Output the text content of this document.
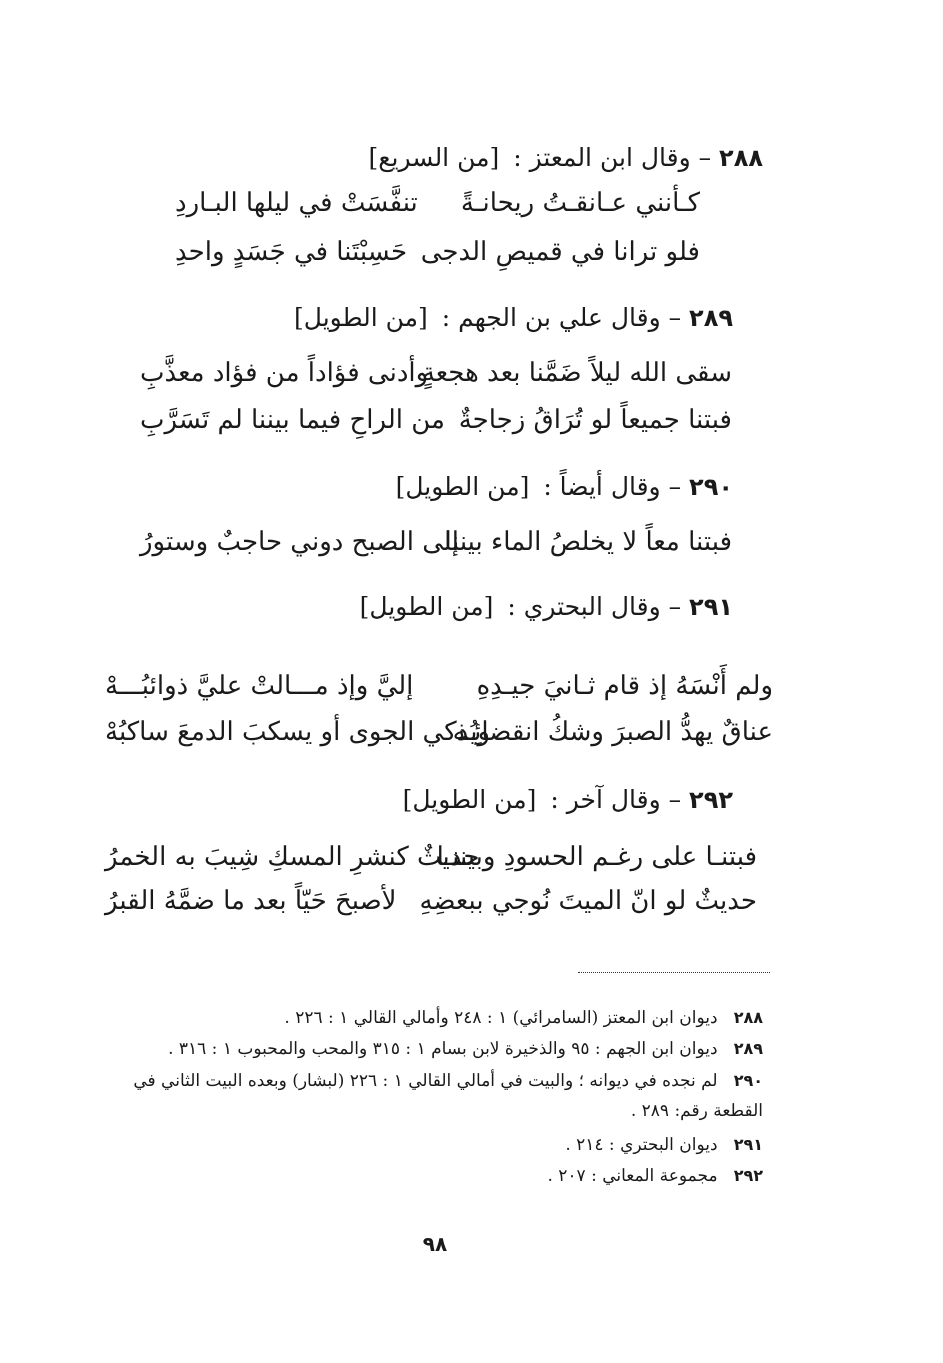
٢٨٨ – وقال ابن المعتز : [من السريع]
كـأنني عـانقـتُ ريحانـةً
تنفَّسَتْ في ليلها البـاردِ
فلو ترانا في قميصِ الدجى
حَسِبْتَنا في جَسَدٍ واحدِ
٢٨٩ – وقال علي بن الجهم : [من الطويل]
سقى الله ليلاً ضَمَّنا بعد هجعةٍ
وأدنى فؤاداً من فؤاد معذَّبِ
فبتنا جميعاً لو تُرَاقُ زجاجةٌ
من الراحِ فيما بيننا لم تَسَرَّبِ
٢٩٠ – وقال أيضاً : [من الطويل]
فبتنا معاً لا يخلصُ الماء بيننا
إلى الصبح دوني حاجبٌ وستورُ
٢٩١ – وقال البحتري : [من الطويل]
ولم أَنْسَهُ إذ قام ثـانيَ جيـدِهِ
إليَّ وإذ مـــالتْ عليَّ ذوائبُـــهْ
عناقٌ يهدُّ الصبرَ وشكُ انقضائِـه
ويُذكي الجوى أو يسكبَ الدمعَ ساكبُهْ
٢٩٢ – وقال آخر : [من الطويل]
فبتنـا على رغـم الحسودِ وبيننـا
حديثٌ كنشرِ المسكِ شِيبَ به الخمرُ
حديثٌ لو انّ الميتَ نُوجي ببعضِهِ
لأصبحَ حَيّاً بعد ما ضمَّهُ القبرُ
٢٨٨ ديوان ابن المعتز (السامرائي) ١ : ٢٤٨ وأمالي القالي ١ : ٢٢٦ .
٢٨٩ ديوان ابن الجهم : ٩٥ والذخيرة لابن بسام ١ : ٣١٥ والمحب والمحبوب ١ : ٣١٦ .
٢٩٠ لم نجده في ديوانه ؛ والبيت في أمالي القالي ١ : ٢٢٦ (لبشار) وبعده البيت الثاني في القطعة رقم: ٢٨٩ .
٢٩١ ديوان البحتري : ٢١٤ .
٢٩٢ مجموعة المعاني : ٢٠٧ .
٩٨
